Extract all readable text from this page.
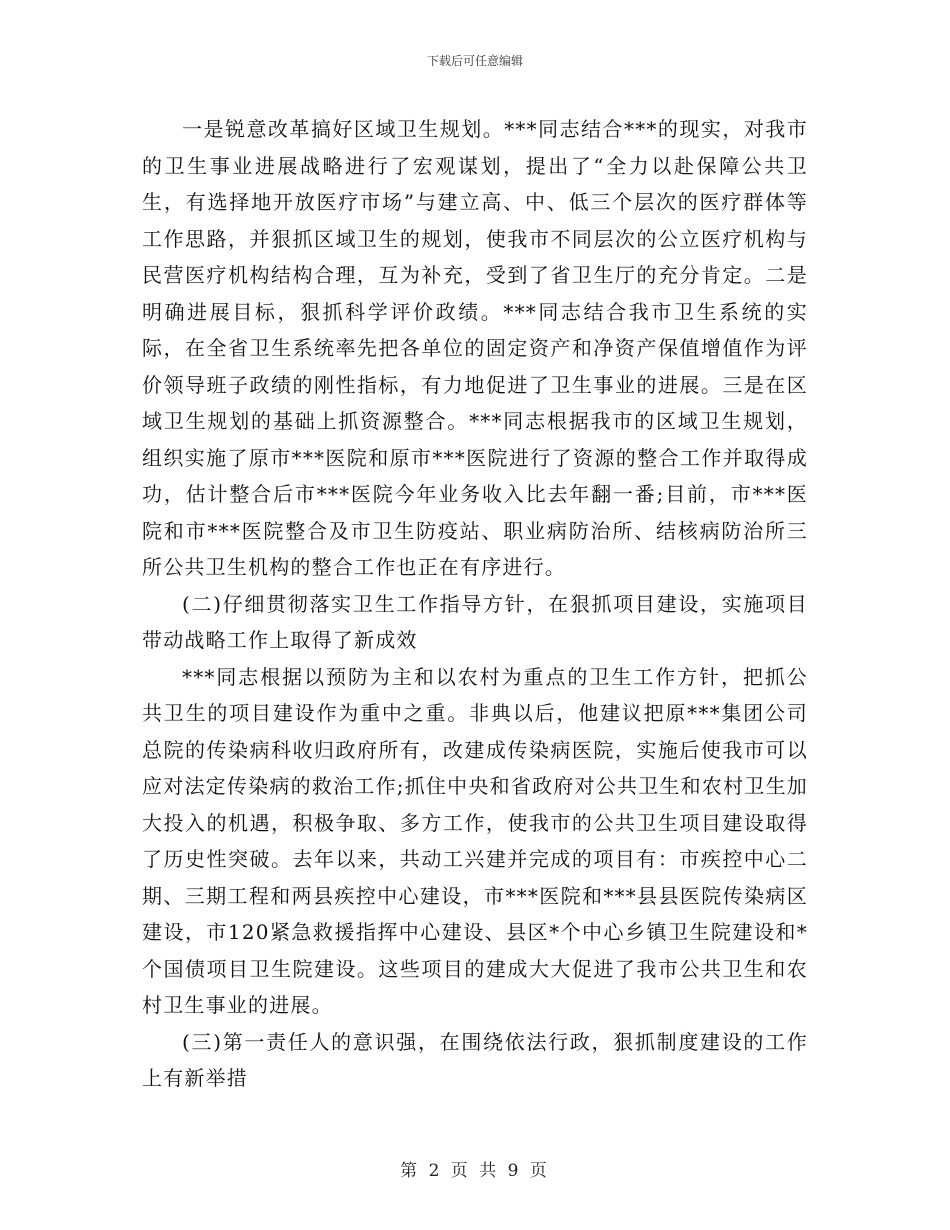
下载后可任意编辑

一是锐意改革搞好区域卫生规划。***同志结合***的现实，对我市的卫生事业进展战略进行了宏观谋划，提出了“全力以赴保障公共卫生，有选择地开放医疗市场”与建立高、中、低三个层次的医疗群体等工作思路，并狠抓区域卫生的规划，使我市不同层次的公立医疗机构与民营医疗机构结构合理，互为补充，受到了省卫生厅的充分肯定。二是明确进展目标，狠抓科学评价政绩。***同志结合我市卫生系统的实际，在全省卫生系统率先把各单位的固定资产和净资产保值增值作为评价领导班子政绩的刚性指标，有力地促进了卫生事业的进展。三是在区域卫生规划的基础上抓资源整合。***同志根据我市的区域卫生规划，组织实施了原市***医院和原市***医院进行了资源的整合工作并取得成功，估计整合后市***医院今年业务收入比去年翻一番;目前，市***医院和市***医院整合及市卫生防疫站、职业病防治所、结核病防治所三所公共卫生机构的整合工作也正在有序进行。

(二)仔细贯彻落实卫生工作指导方针，在狠抓项目建设，实施项目带动战略工作上取得了新成效

***同志根据以预防为主和以农村为重点的卫生工作方针，把抓公共卫生的项目建设作为重中之重。非典以后，他建议把原***集团公司总院的传染病科收归政府所有，改建成传染病医院，实施后使我市可以应对法定传染病的救治工作;抓住中央和省政府对公共卫生和农村卫生加大投入的机遇，积极争取、多方工作，使我市的公共卫生项目建设取得了历史性突破。去年以来，共动工兴建并完成的项目有：市疾控中心二期、三期工程和两县疾控中心建设，市***医院和***县县医院传染病区建设，市120紧急救援指挥中心建设、县区*个中心乡镇卫生院建设和*个国债项目卫生院建设。这些项目的建成大大促进了我市公共卫生和农村卫生事业的进展。

(三)第一责任人的意识强，在围绕依法行政，狠抓制度建设的工作上有新举措

第 2 页 共 9 页
